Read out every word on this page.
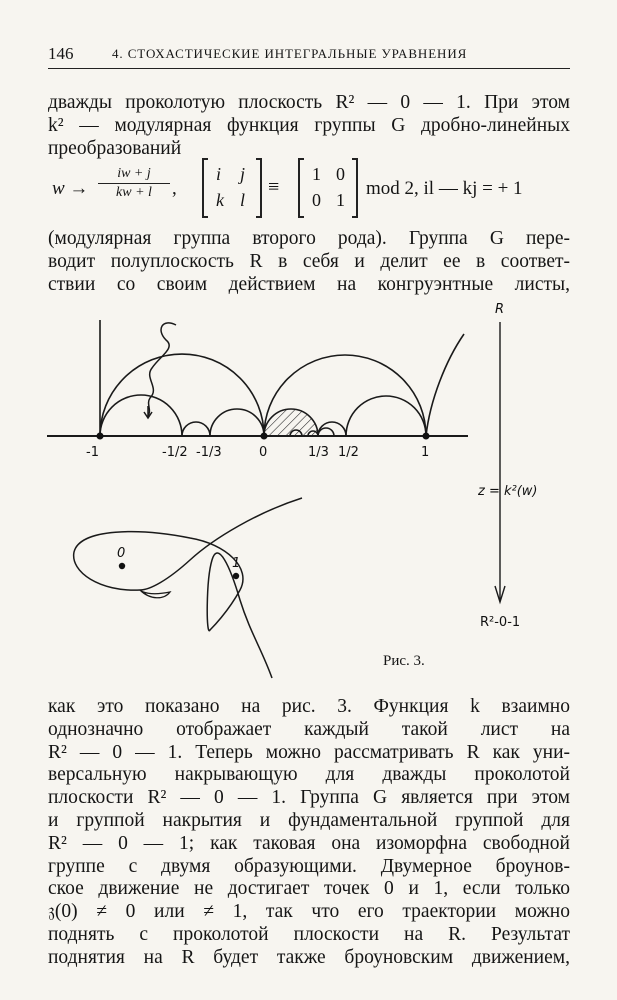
146	4. СТОХАСТИЧЕСКИЕ ИНТЕГРАЛЬНЫЕ УРАВНЕНИЯ

дважды проколотую плоскость R² — 0 — 1. При этом

k² — модулярная функция группы G дробно-линейных

преобразований

$w \to \frac{iw + j}{kw + l}$ ,
i j
k l
≡
1 0
0 1
mod 2, il — kj = + 1

(модулярная группа второго рода). Группа G пере-

водит полуплоскость R в себя и делит ее в соответ-

ствии со своим действием на конгруэнтные листы,

-1	-1/2 -1/3	0	1/3 1/2	1
R
z = k²(w)
R²-0-1
0
1
Рис. 3.

как это показано на рис. 3. Функция k взаимно

однозначно отображает каждый такой лист на

R² — 0 — 1. Теперь можно рассматривать R как уни-

версальную накрывающую для дважды проколотой

плоскости R² — 0 — 1. Группа G является при этом

и группой накрытия и фундаментальной группой для

R² — 0 — 1; как таковая она изоморфна свободной

группе с двумя образующими. Двумерное броунов-

ское движение не достигает точек 0 и 1, если только

𝔷(0) ≠ 0 или ≠ 1, так что его траектории можно

поднять с проколотой плоскости на R. Результат

поднятия на R будет также броуновским движением,
